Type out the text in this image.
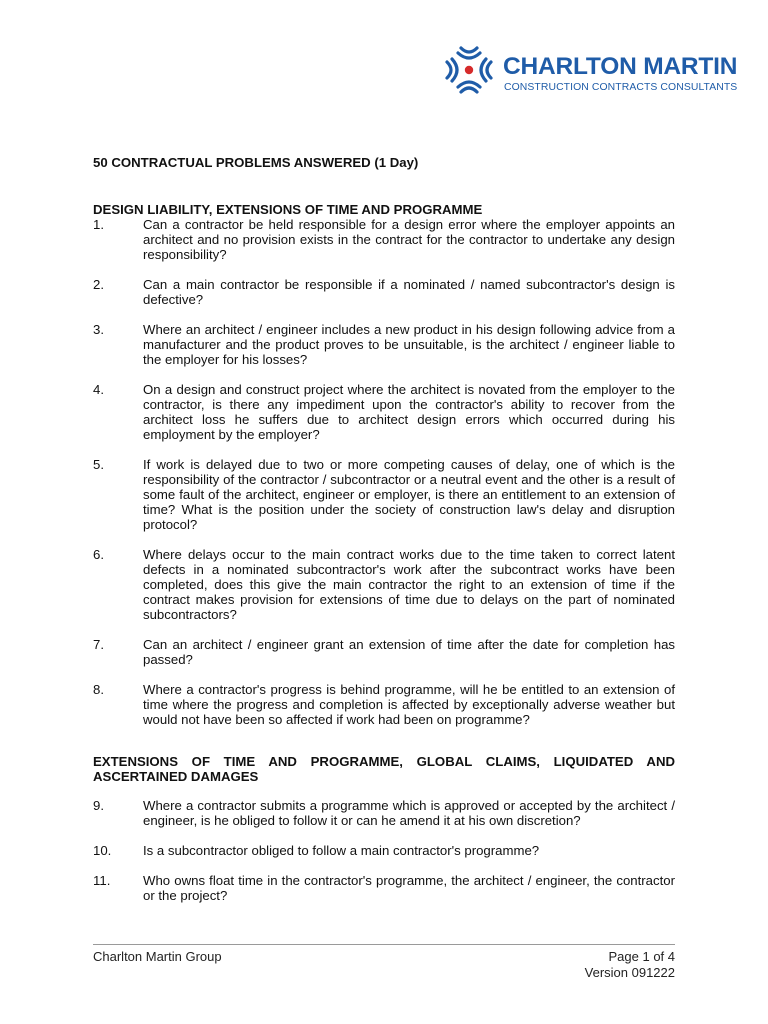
CHARLTON MARTIN
CONSTRUCTION CONTRACTS CONSULTANTS
50 CONTRACTUAL PROBLEMS ANSWERED (1 Day)
DESIGN LIABILITY, EXTENSIONS OF TIME AND PROGRAMME
1.	Can a contractor be held responsible for a design error where the employer appoints an architect and no provision exists in the contract for the contractor to undertake any design responsibility?
2.	Can a main contractor be responsible if a nominated / named subcontractor's design is defective?
3.	Where an architect / engineer includes a new product in his design following advice from a manufacturer and the product proves to be unsuitable, is the architect / engineer liable to the employer for his losses?
4.	On a design and construct project where the architect is novated from the employer to the contractor, is there any impediment upon the contractor's ability to recover from the architect loss he suffers due to architect design errors which occurred during his employment by the employer?
5.	If work is delayed due to two or more competing causes of delay, one of which is the responsibility of the contractor / subcontractor or a neutral event and the other is a result of some fault of the architect, engineer or employer, is there an entitlement to an extension of time? What is the position under the society of construction law's delay and disruption protocol?
6.	Where delays occur to the main contract works due to the time taken to correct latent defects in a nominated subcontractor's work after the subcontract works have been completed, does this give the main contractor the right to an extension of time if the contract makes provision for extensions of time due to delays on the part of nominated subcontractors?
7.	Can an architect / engineer grant an extension of time after the date for completion has passed?
8.	Where a contractor's progress is behind programme, will he be entitled to an extension of time where the progress and completion is affected by exceptionally adverse weather but would not have been so affected if work had been on programme?
EXTENSIONS OF TIME AND PROGRAMME, GLOBAL CLAIMS, LIQUIDATED AND ASCERTAINED DAMAGES
9.	Where a contractor submits a programme which is approved or accepted by the architect / engineer, is he obliged to follow it or can he amend it at his own discretion?
10. Is a subcontractor obliged to follow a main contractor's programme?
11. Who owns float time in the contractor's programme, the architect / engineer, the contractor or the project?
Charlton Martin Group	Page 1 of 4
Version 091222
